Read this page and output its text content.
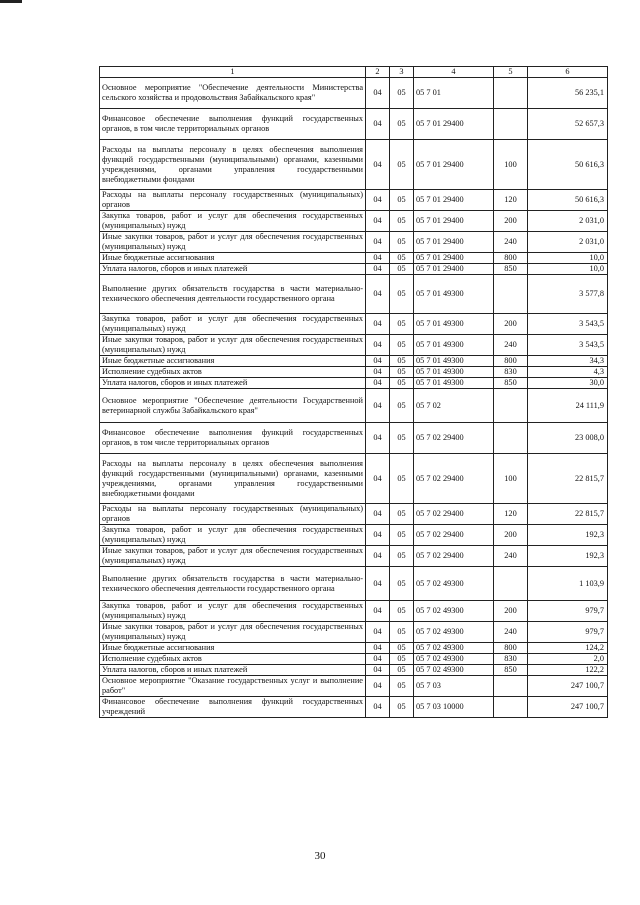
1	2	3	4	5	6
Основное мероприятие "Обеспечение деятельности Министерства сельского хозяйства и продовольствия Забайкальского края"	04	05	05 7 01		56 235,1
Финансовое обеспечение выполнения функций государственных органов, в том числе территориальных органов	04	05	05 7 01 29400		52 657,3
Расходы на выплаты персоналу в целях обеспечения выполнения функций государственными (муниципальными) органами, казенными учреждениями, органами управления государственными внебюджетными фондами	04	05	05 7 01 29400	100	50 616,3
Расходы на выплаты персоналу государственных (муниципальных) органов	04	05	05 7 01 29400	120	50 616,3
Закупка товаров, работ и услуг для обеспечения государственных (муниципальных) нужд	04	05	05 7 01 29400	200	2 031,0
Иные закупки товаров, работ и услуг для обеспечения государственных (муниципальных) нужд	04	05	05 7 01 29400	240	2 031,0
Иные бюджетные ассигнования	04	05	05 7 01 29400	800	10,0
Уплата налогов, сборов и иных платежей	04	05	05 7 01 29400	850	10,0
Выполнение других обязательств государства в части материально-технического обеспечения деятельности государственного органа	04	05	05 7 01 49300		3 577,8
Закупка товаров, работ и услуг для обеспечения государственных (муниципальных) нужд	04	05	05 7 01 49300	200	3 543,5
Иные закупки товаров, работ и услуг для обеспечения государственных (муниципальных) нужд	04	05	05 7 01 49300	240	3 543,5
Иные бюджетные ассигнования	04	05	05 7 01 49300	800	34,3
Исполнение судебных актов	04	05	05 7 01 49300	830	4,3
Уплата налогов, сборов и иных платежей	04	05	05 7 01 49300	850	30,0
Основное мероприятие "Обеспечение деятельности Государственной ветеринарной службы Забайкальского края"	04	05	05 7 02		24 111,9
Финансовое обеспечение выполнения функций государственных органов, в том числе территориальных органов	04	05	05 7 02 29400		23 008,0
Расходы на выплаты персоналу в целях обеспечения выполнения функций государственными (муниципальными) органами, казенными учреждениями, органами управления государственными внебюджетными фондами	04	05	05 7 02 29400	100	22 815,7
Расходы на выплаты персоналу государственных (муниципальных) органов	04	05	05 7 02 29400	120	22 815,7
Закупка товаров, работ и услуг для обеспечения государственных (муниципальных) нужд	04	05	05 7 02 29400	200	192,3
Иные закупки товаров, работ и услуг для обеспечения государственных (муниципальных) нужд	04	05	05 7 02 29400	240	192,3
Выполнение других обязательств государства в части материально-технического обеспечения деятельности государственного органа	04	05	05 7 02 49300		1 103,9
Закупка товаров, работ и услуг для обеспечения государственных (муниципальных) нужд	04	05	05 7 02 49300	200	979,7
Иные закупки товаров, работ и услуг для обеспечения государственных (муниципальных) нужд	04	05	05 7 02 49300	240	979,7
Иные бюджетные ассигнования	04	05	05 7 02 49300	800	124,2
Исполнение судебных актов	04	05	05 7 02 49300	830	2,0
Уплата налогов, сборов и иных платежей	04	05	05 7 02 49300	850	122,2
Основное мероприятие "Оказание государственных услуг и выполнение работ"	04	05	05 7 03		247 100,7
Финансовое обеспечение выполнения функций государственных учреждений	04	05	05 7 03 10000		247 100,7
30
